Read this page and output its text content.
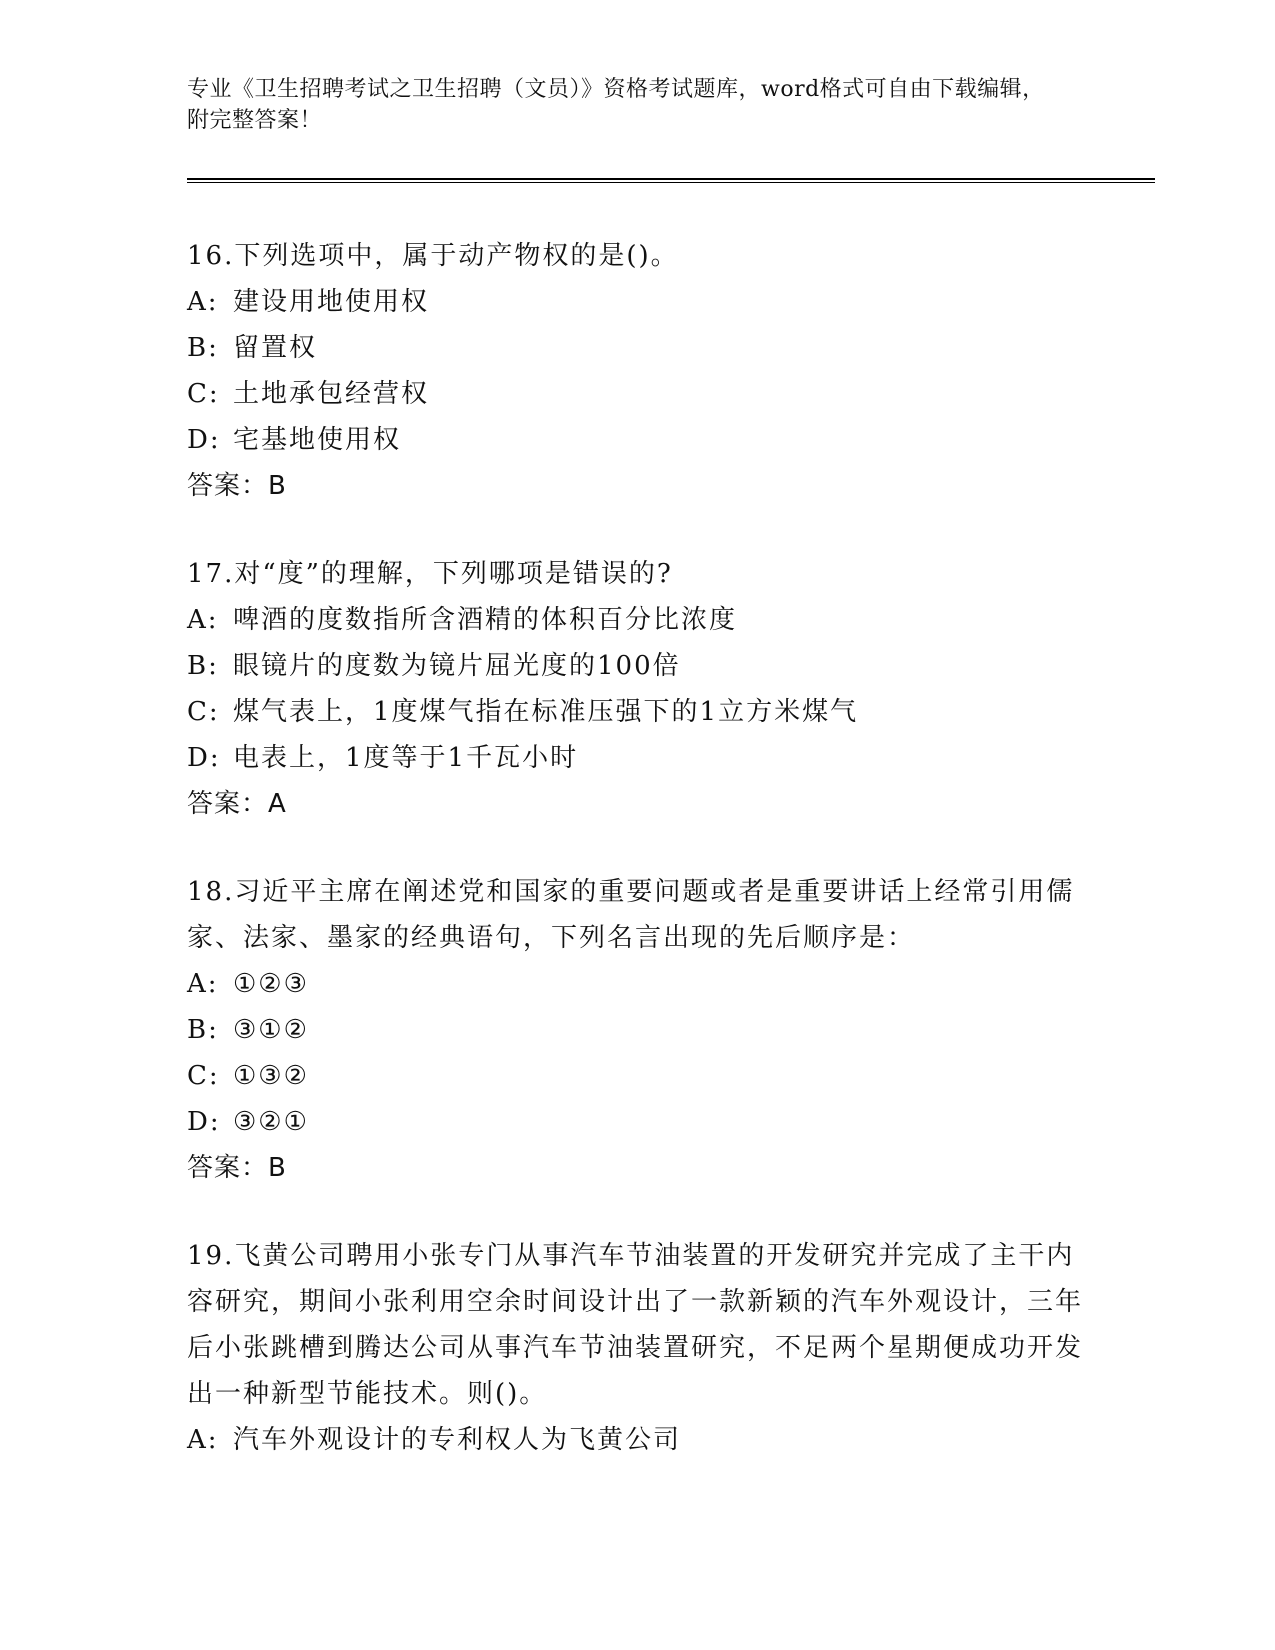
专业《卫生招聘考试之卫生招聘（文员）》资格考试题库，word格式可自由下载编辑，附完整答案！

16.下列选项中，属于动产物权的是()。

A: 建设用地使用权

B: 留置权

C: 土地承包经营权

D: 宅基地使用权

答案：B

17.对“度”的理解，下列哪项是错误的?

A: 啤酒的度数指所含酒精的体积百分比浓度

B: 眼镜片的度数为镜片屈光度的100倍

C: 煤气表上，1度煤气指在标准压强下的1立方米煤气

D: 电表上，1度等于1千瓦小时

答案：A

18.习近平主席在阐述党和国家的重要问题或者是重要讲话上经常引用儒家、法家、墨家的经典语句，下列名言出现的先后顺序是：

A: ①②③

B: ③①②

C: ①③②

D: ③②①

答案：B

19.飞黄公司聘用小张专门从事汽车节油装置的开发研究并完成了主干内容研究，期间小张利用空余时间设计出了一款新颖的汽车外观设计，三年后小张跳槽到腾达公司从事汽车节油装置研究，不足两个星期便成功开发出一种新型节能技术。则()。

A: 汽车外观设计的专利权人为飞黄公司
